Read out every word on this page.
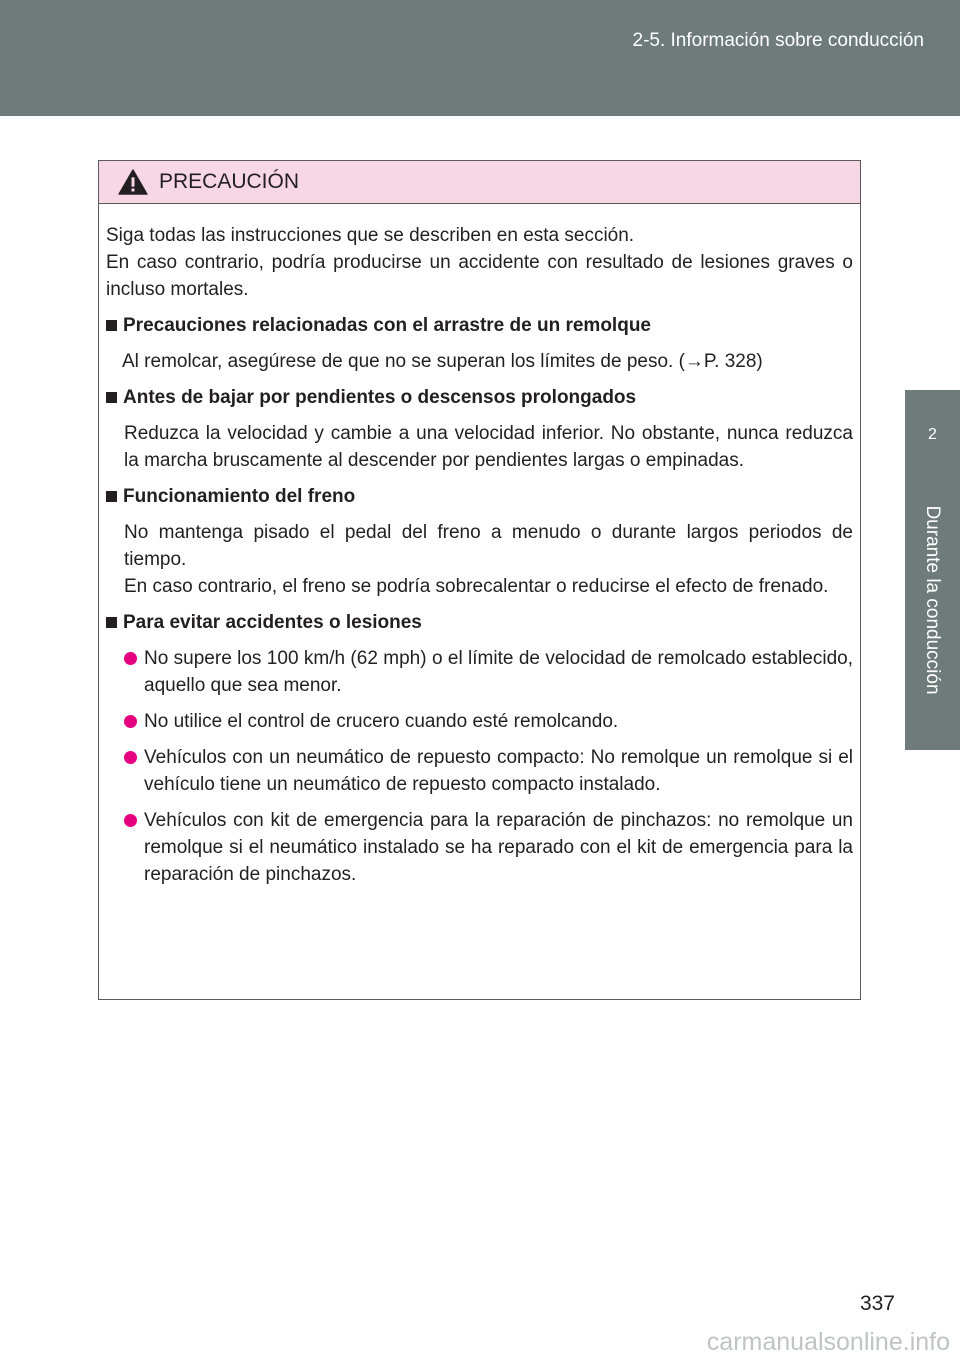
2-5. Información sobre conducción
2
Durante la conducción
PRECAUCIÓN

Siga todas las instrucciones que se describen en esta sección.
En caso contrario, podría producirse un accidente con resultado de lesiones graves o incluso mortales.

Precauciones relacionadas con el arrastre de un remolque

Al remolcar, asegúrese de que no se superan los límites de peso. (→P. 328)

Antes de bajar por pendientes o descensos prolongados

Reduzca la velocidad y cambie a una velocidad inferior. No obstante, nunca reduzca la marcha bruscamente al descender por pendientes largas o empinadas.

Funcionamiento del freno

No mantenga pisado el pedal del freno a menudo o durante largos periodos de tiempo.
En caso contrario, el freno se podría sobrecalentar o reducirse el efecto de frenado.

Para evitar accidentes o lesiones

No supere los 100 km/h (62 mph) o el límite de velocidad de remolcado establecido, aquello que sea menor.
No utilice el control de crucero cuando esté remolcando.
Vehículos con un neumático de repuesto compacto: No remolque un remolque si el vehículo tiene un neumático de repuesto compacto instalado.
Vehículos con kit de emergencia para la reparación de pinchazos: no remolque un remolque si el neumático instalado se ha reparado con el kit de emergencia para la reparación de pinchazos.
337
carmanualsonline.info
